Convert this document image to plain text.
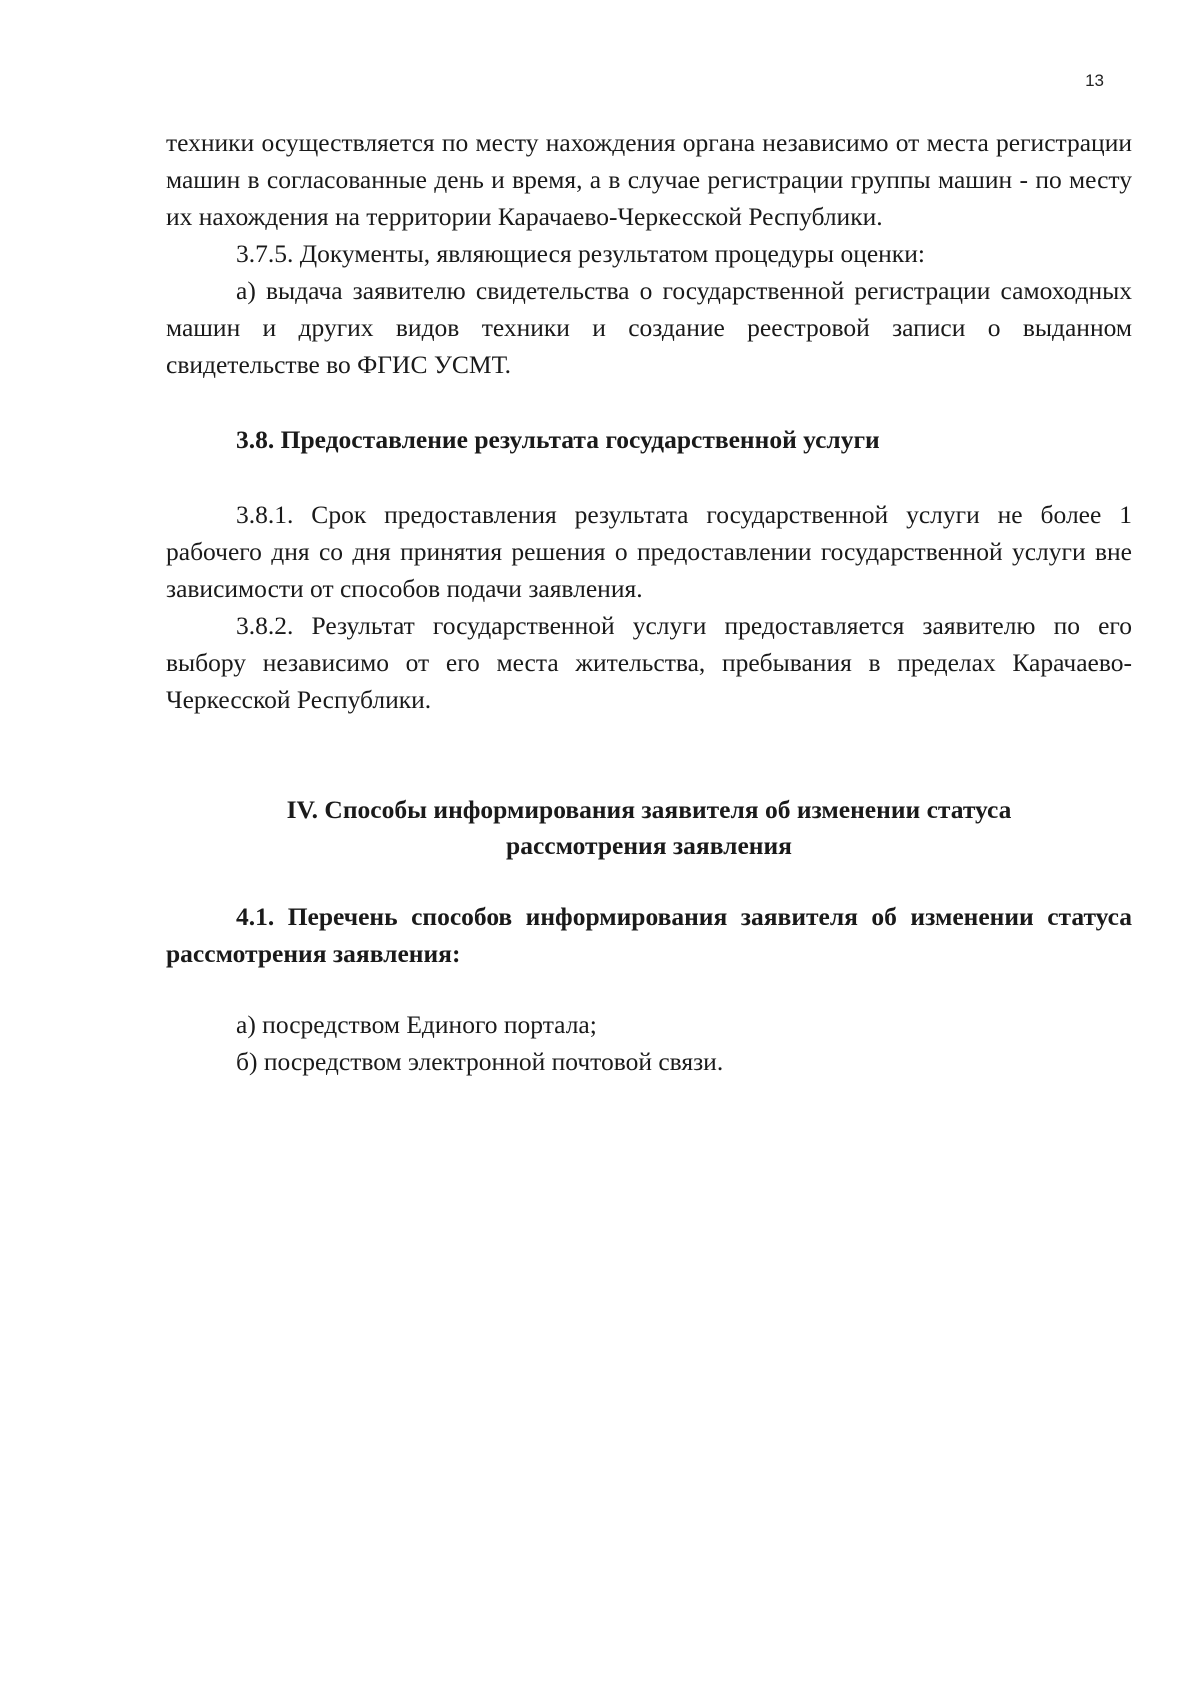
13

техники осуществляется по месту нахождения органа независимо от места регистрации машин в согласованные день и время, а в случае регистрации группы машин - по месту их нахождения на территории Карачаево-Черкесской Республики.

3.7.5. Документы, являющиеся результатом процедуры оценки:

а) выдача заявителю свидетельства о государственной регистрации самоходных машин и других видов техники и создание реестровой записи о выданном свидетельстве во ФГИС УСМТ.

3.8. Предоставление результата государственной услуги

3.8.1. Срок предоставления результата государственной услуги не более 1 рабочего дня со дня принятия решения о предоставлении государственной услуги вне зависимости от способов подачи заявления.

3.8.2. Результат государственной услуги предоставляется заявителю по его выбору независимо от его места жительства, пребывания в пределах Карачаево-Черкесской Республики.

IV. Способы информирования заявителя об изменении статуса
рассмотрения заявления

4.1. Перечень способов информирования заявителя об изменении статуса рассмотрения заявления:

а) посредством Единого портала;

б) посредством электронной почтовой связи.
